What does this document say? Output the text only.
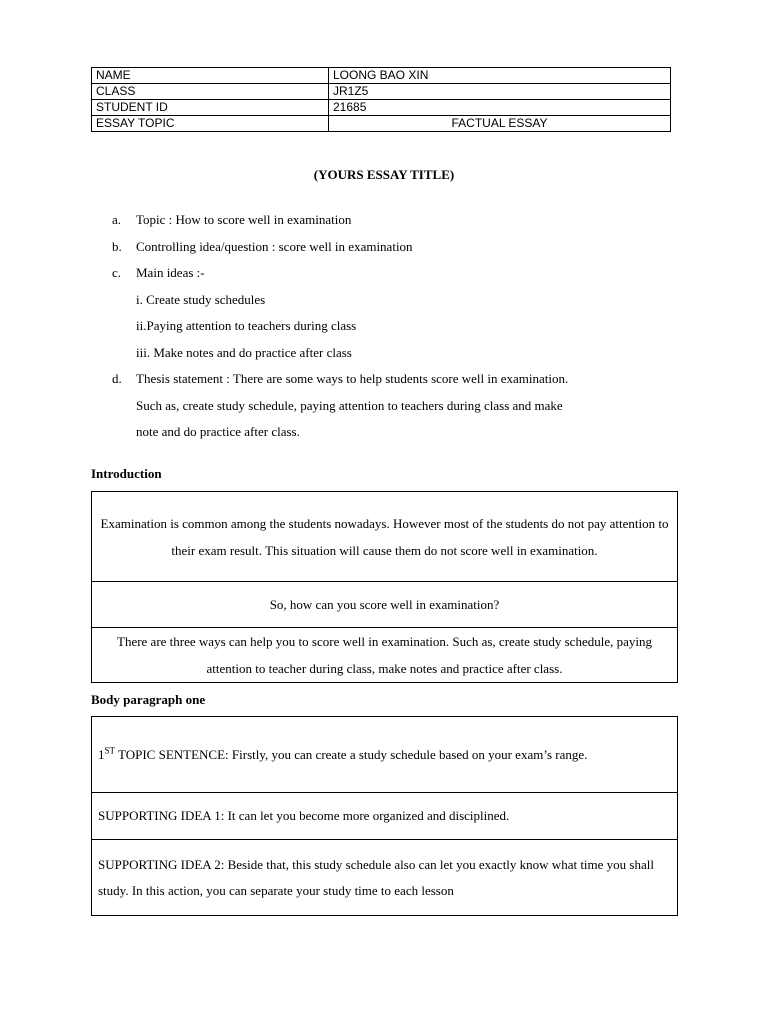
NAME	LOONG BAO XIN
CLASS	JR1Z5
STUDENT ID	21685
ESSAY TOPIC	FACTUAL ESSAY
(YOURS ESSAY TITLE)
a. Topic : How to score well in examination
b. Controlling idea/question : score well in examination
c. Main ideas :-
i. Create study schedules
ii.Paying attention to teachers during class
iii. Make notes and do practice after class
d. Thesis statement : There are some ways to help students score well in examination.
Such as, create study schedule, paying attention to teachers during class and make
note and do practice after class.
Introduction
Examination is common among the students nowadays. However most of the students do not pay attention to their exam result. This situation will cause them do not score well in examination.
So, how can you score well in examination?
There are three ways can help you to score well in examination. Such as, create study schedule, paying attention to teacher during class, make notes and practice after class.
Body paragraph one
1ST TOPIC SENTENCE: Firstly, you can create a study schedule based on your exam’s range.
SUPPORTING IDEA 1: It can let you become more organized and disciplined.
SUPPORTING IDEA 2: Beside that, this study schedule also can let you exactly know what time you shall study. In this action, you can separate your study time to each lesson
